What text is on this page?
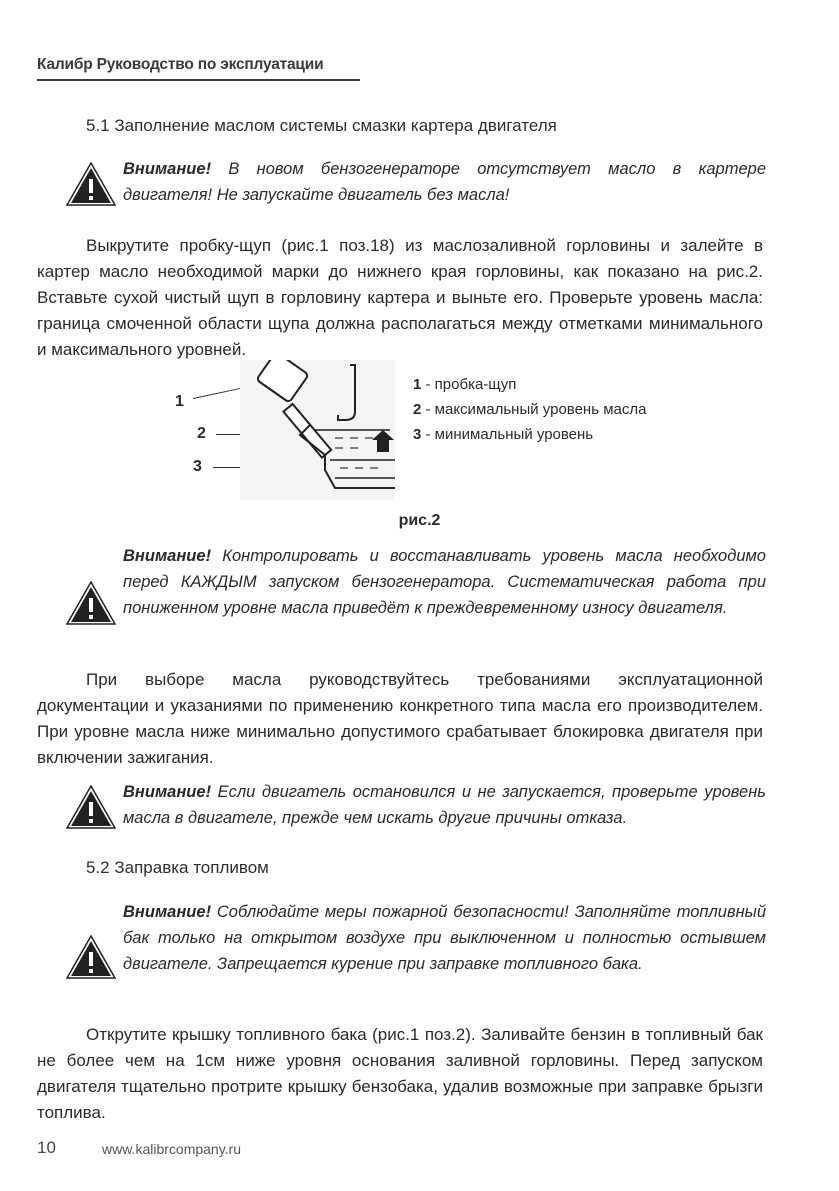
Калибр Руководство по эксплуатации
5.1 Заполнение маслом системы смазки картера двигателя
Внимание! В новом бензогенераторе отсутствует масло в картере двигателя! Не запускайте двигатель без масла!
Выкрутите пробку-щуп (рис.1 поз.18) из маслозаливной горловины и залейте в картер масло необходимой марки до нижнего края горловины, как показано на рис.2. Вставьте сухой чистый щуп в горловину картера и выньте его. Проверьте уровень масла: граница смоченной области щупа должна располагаться между отметками минимального и максимального уровней.
1
2
3
1 - пробка-щуп
2 - максимальный уровень масла
3 - минимальный уровень
рис.2
Внимание! Контролировать и восстанавливать уровень масла необходимо перед КАЖДЫМ запуском бензогенератора. Систематическая работа при пониженном уровне масла приведёт к преждевременному износу двигателя.
При выборе масла руководствуйтесь требованиями эксплуатационной документации и указаниями по применению конкретного типа масла его производителем. При уровне масла ниже минимально допустимого срабатывает блокировка двигателя при включении зажигания.
Внимание! Если двигатель остановился и не запускается, проверьте уровень масла в двигателе, прежде чем искать другие причины отказа.
5.2 Заправка топливом
Внимание! Соблюдайте меры пожарной безопасности! Заполняйте топливный бак только на открытом воздухе при выключенном и полностью остывшем двигателе. Запрещается курение при заправке топливного бака.
Открутите крышку топливного бака (рис.1 поз.2). Заливайте бензин в топливный бак не более чем на 1см ниже уровня основания заливной горловины. Перед запуском двигателя тщательно протрите крышку бензобака, удалив возможные при заправке брызги топлива.
10	www.kalibrcompany.ru
